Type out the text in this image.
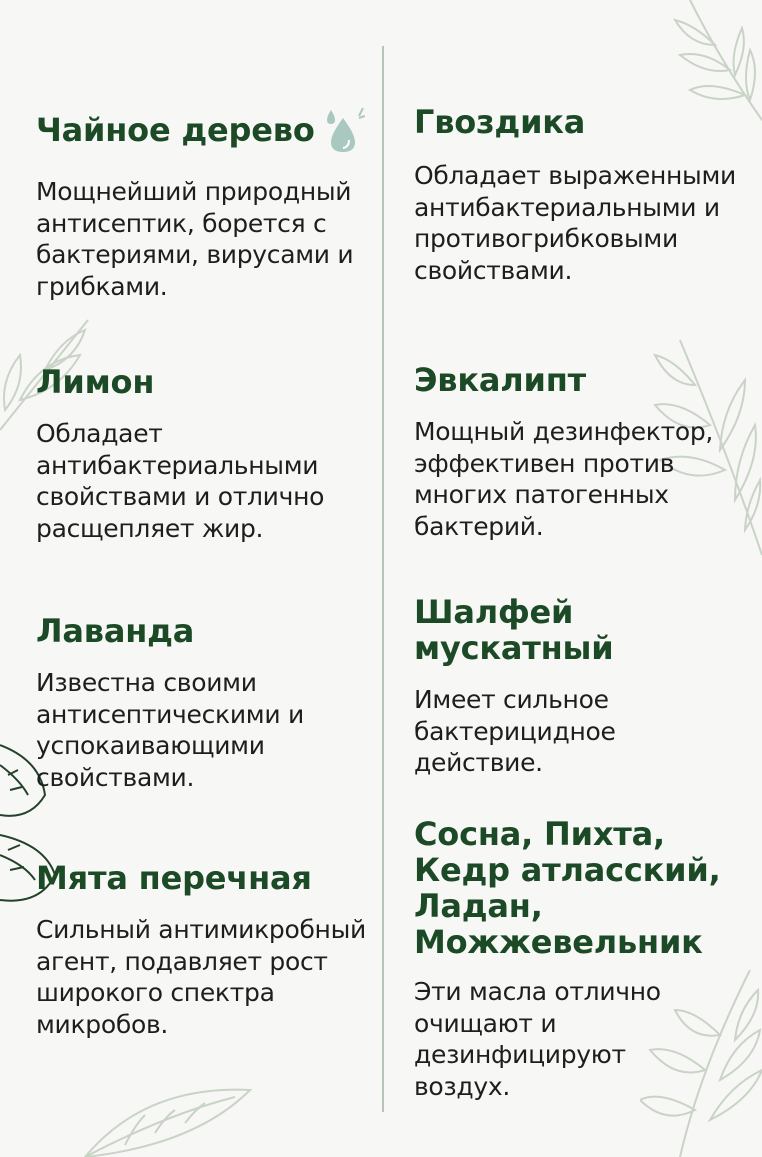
Чайное дерево

Мощнейший природный антисептик, борется с бактериями, вирусами и грибками.

Лимон

Обладает антибактериальными свойствами и отлично расщепляет жир.

Лаванда

Известна своими антисептическими и успокаивающими свойствами.

Мята перечная

Сильный антимикробный агент, подавляет рост широкого спектра микробов.

Гвоздика

Обладает выраженными антибактериальными и противогрибковыми свойствами.

Эвкалипт

Мощный дезинфектор, эффективен против многих патогенных бактерий.

Шалфей мускатный

Имеет сильное бактерицидное действие.

Сосна, Пихта, Кедр атласский, Ладан, Можжевельник

Эти масла отлично очищают и дезинфицируют воздух.
